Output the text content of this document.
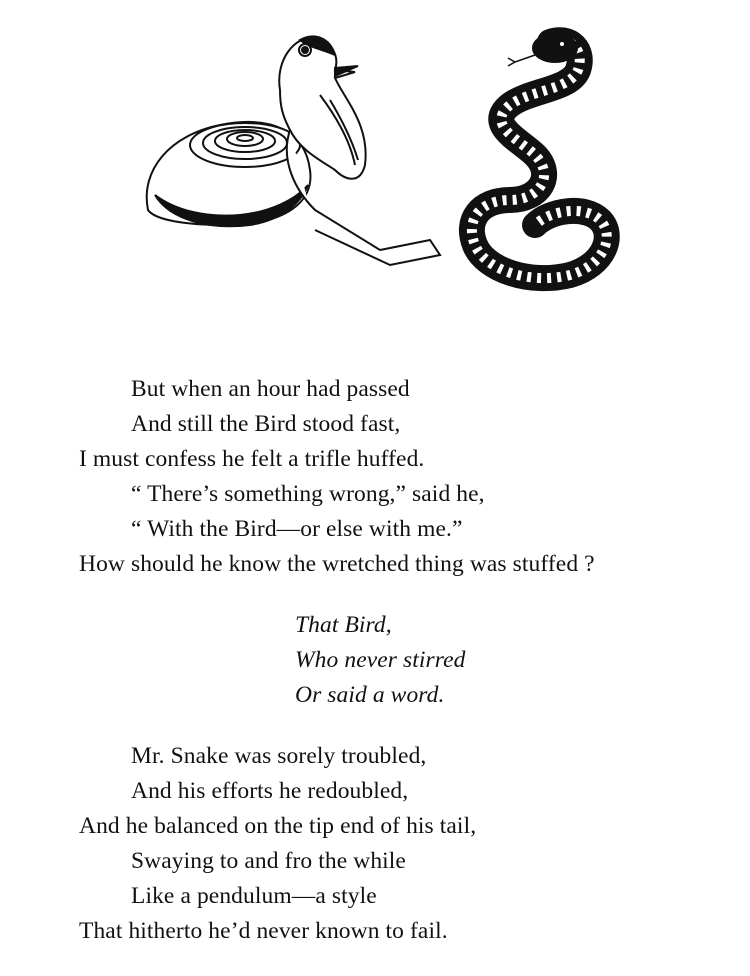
But when an hour had passed
And still the Bird stood fast,
I must confess he felt a trifle huffed.
“ There’s something wrong,” said he,
“ With the Bird—or else with me.”
How should he know the wretched thing was stuffed ?
That Bird,
Who never stirred
Or said a word.
Mr. Snake was sorely troubled,
And his efforts he redoubled,
And he balanced on the tip end of his tail,
Swaying to and fro the while
Like a pendulum—a style
That hitherto he’d never known to fail.
